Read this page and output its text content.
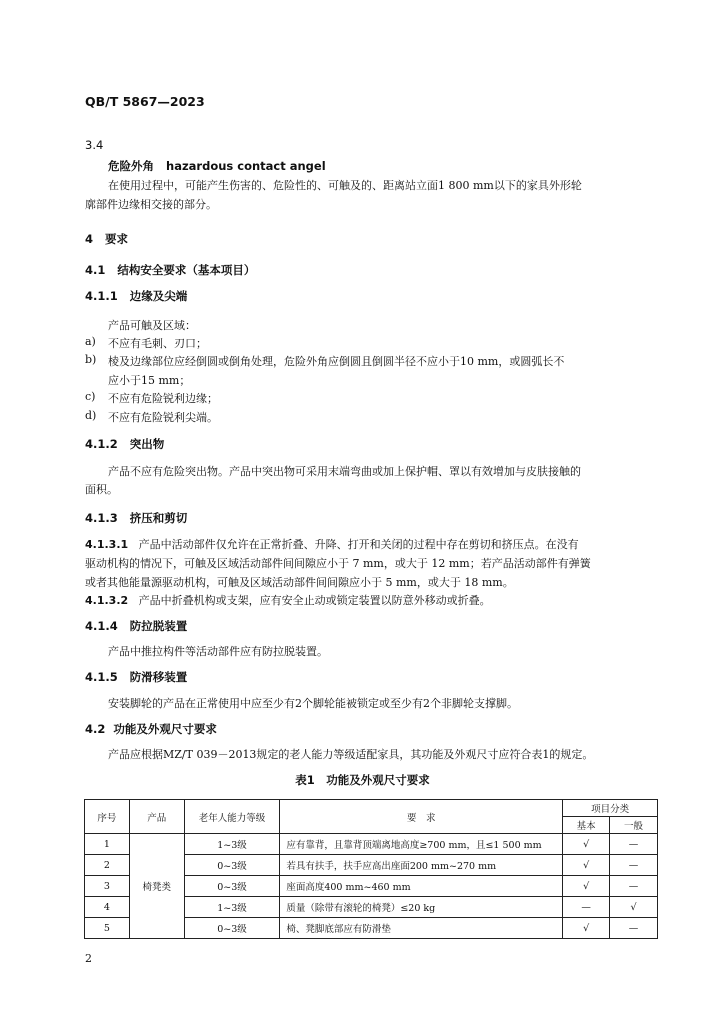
QB/T 5867—2023
3.4
危险外角 hazardous contact angel
在使用过程中，可能产生伤害的、危险性的、可触及的、距离站立面1 800 mm以下的家具外形轮
廓部件边缘相交接的部分。
4 要求
4.1 结构安全要求（基本项目）
4.1.1 边缘及尖端
产品可触及区域：
a) 不应有毛刺、刃口；
b) 棱及边缘部位应经倒圆或倒角处理，危险外角应倒圆且倒圆半径不应小于10 mm，或圆弧长不
应小于15 mm；
c) 不应有危险锐利边缘；
d) 不应有危险锐利尖端。
4.1.2 突出物
产品不应有危险突出物。产品中突出物可采用末端弯曲或加上保护帽、罩以有效增加与皮肤接触的
面积。
4.1.3 挤压和剪切
4.1.3.1 产品中活动部件仅允许在正常折叠、升降、打开和关闭的过程中存在剪切和挤压点。在没有
驱动机构的情况下，可触及区域活动部件间间隙应小于 7 mm，或大于 12 mm；若产品活动部件有弹簧
或者其他能量源驱动机构，可触及区域活动部件间间隙应小于 5 mm，或大于 18 mm。
4.1.3.2 产品中折叠机构或支架，应有安全止动或锁定装置以防意外移动或折叠。
4.1.4 防拉脱装置
产品中推拉构件等活动部件应有防拉脱装置。
4.1.5 防滑移装置
安装脚轮的产品在正常使用中应至少有2个脚轮能被锁定或至少有2个非脚轮支撑脚。
4.2 功能及外观尺寸要求
产品应根据MZ/T 039－2013规定的老人能力等级适配家具，其功能及外观尺寸应符合表1的规定。
表1　功能及外观尺寸要求
序号	产品	老年人能力等级	要　求	项目分类	
				基本	一般
1	椅凳类	1~3级	应有靠背，且靠背顶端离地高度≥700 mm，且≤1 500 mm	√	—
2		0~3级	若具有扶手，扶手应高出座面200 mm~270 mm	√	—
3		0~3级	座面高度400 mm~460 mm	√	—
4		1~3级	质量（除带有滚轮的椅凳）≤20 kg	—	√
5		0~3级	椅、凳脚底部应有防滑垫	√	—
2
